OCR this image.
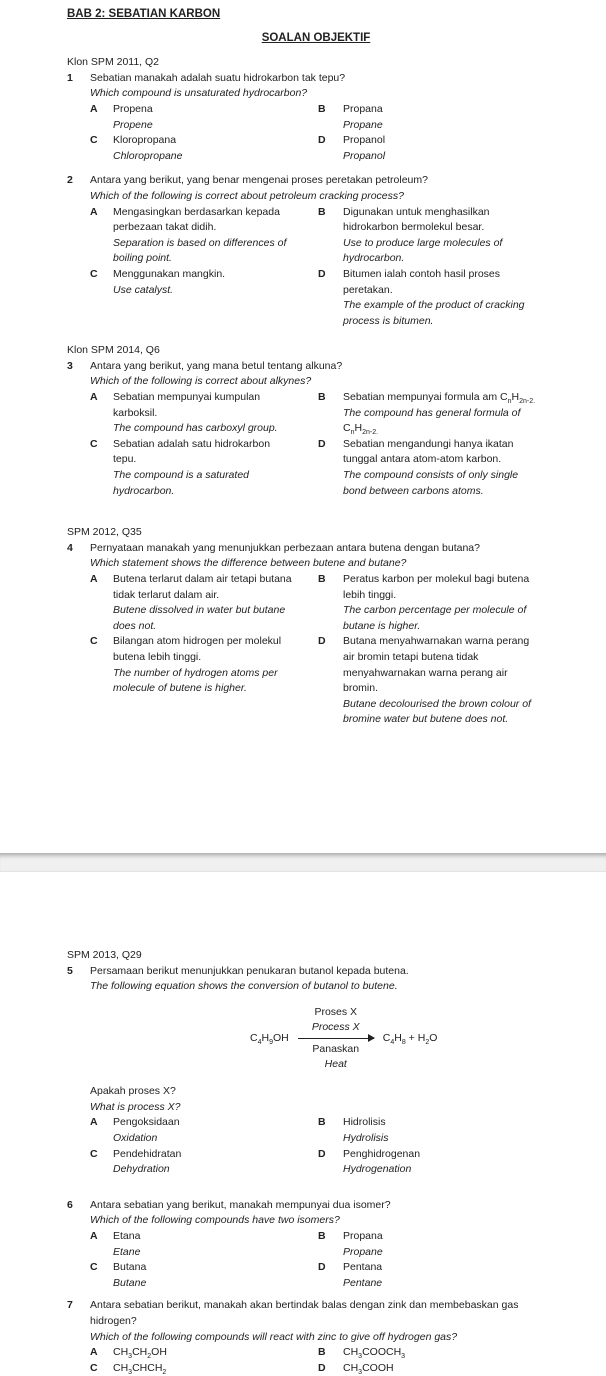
BAB 2: SEBATIAN KARBON
SOALAN OBJEKTIF
Klon SPM 2011, Q2
1	Sebatian manakah adalah suatu hidrokarbon tak tepu?
Which compound is unsaturated hydrocarbon?
A	Propena
Propene
B	Propana
Propane
C	Kloropropana
Chloropropane
D	Propanol
Propanol
2	Antara yang berikut, yang benar mengenai proses peretakan petroleum?
Which of the following is correct about petroleum cracking process?
A	Mengasingkan berdasarkan kepada
perbezaan takat didih.
Separation is based on differences of
boiling point.
B	Digunakan untuk menghasilkan
hidrokarbon bermolekul besar.
Use to produce large molecules of
hydrocarbon.
C	Menggunakan mangkin.
Use catalyst.
D	Bitumen ialah contoh hasil proses
peretakan.
The example of the product of cracking
process is bitumen.
Klon SPM 2014, Q6
3	Antara yang berikut, yang mana betul tentang alkuna?
Which of the following is correct about alkynes?
A	Sebatian mempunyai kumpulan
karboksil.
The compound has carboxyl group.
B	Sebatian mempunyai formula am $C_nH_{2n-2.}$
The compound has general formula of
$C_nH_{2n-2.}$
C	Sebatian adalah satu hidrokarbon
tepu.
The compound is a saturated
hydrocarbon.
D	Sebatian mengandungi hanya ikatan
tunggal antara atom-atom karbon.
The compound consists of only single
bond between carbons atoms.
SPM 2012, Q35
4	Pernyataan manakah yang menunjukkan perbezaan antara butena dengan butana?
Which statement shows the difference between butene and butane?
A	Butena terlarut dalam air tetapi butana
tidak terlarut dalam air.
Butene dissolved in water but butane
does not.
B	Peratus karbon per molekul bagi butena
lebih tinggi.
The carbon percentage per molecule of
butane is higher.
C	Bilangan atom hidrogen per molekul
butena lebih tinggi.
The number of hydrogen atoms per
molecule of butene is higher.
D	Butana menyahwarnakan warna perang
air bromin tetapi butena tidak
menyahwarnakan warna perang air
bromin.
Butane decolourised the brown colour of
bromine water but butene does not.
SPM 2013, Q29
5	Persamaan berikut menunjukkan penukaran butanol kepada butena.
The following equation shows the conversion of butanol to butene.
$C_4H_9OH$
Proses X
Process X
Panaskan
Heat
$C_4H_8 + H_2O$
Apakah proses X?
What is process X?
A	Pengoksidaan
Oxidation
B	Hidrolisis
Hydrolisis
C	Pendehidratan
Dehydration
D	Penghidrogenan
Hydrogenation
6	Antara sebatian yang berikut, manakah mempunyai dua isomer?
Which of the following compounds have two isomers?
A	Etana
Etane
B	Propana
Propane
C	Butana
Butane
D	Pentana
Pentane
7	Antara sebatian berikut, manakah akan bertindak balas dengan zink dan membebaskan gas
hidrogen?
Which of the following compounds will react with zinc to give off hydrogen gas?
A	$CH_3CH_2OH$	B	$CH_3COOCH_3$
C	$CH_3CHCH_2$	D	$CH_3COOH$
